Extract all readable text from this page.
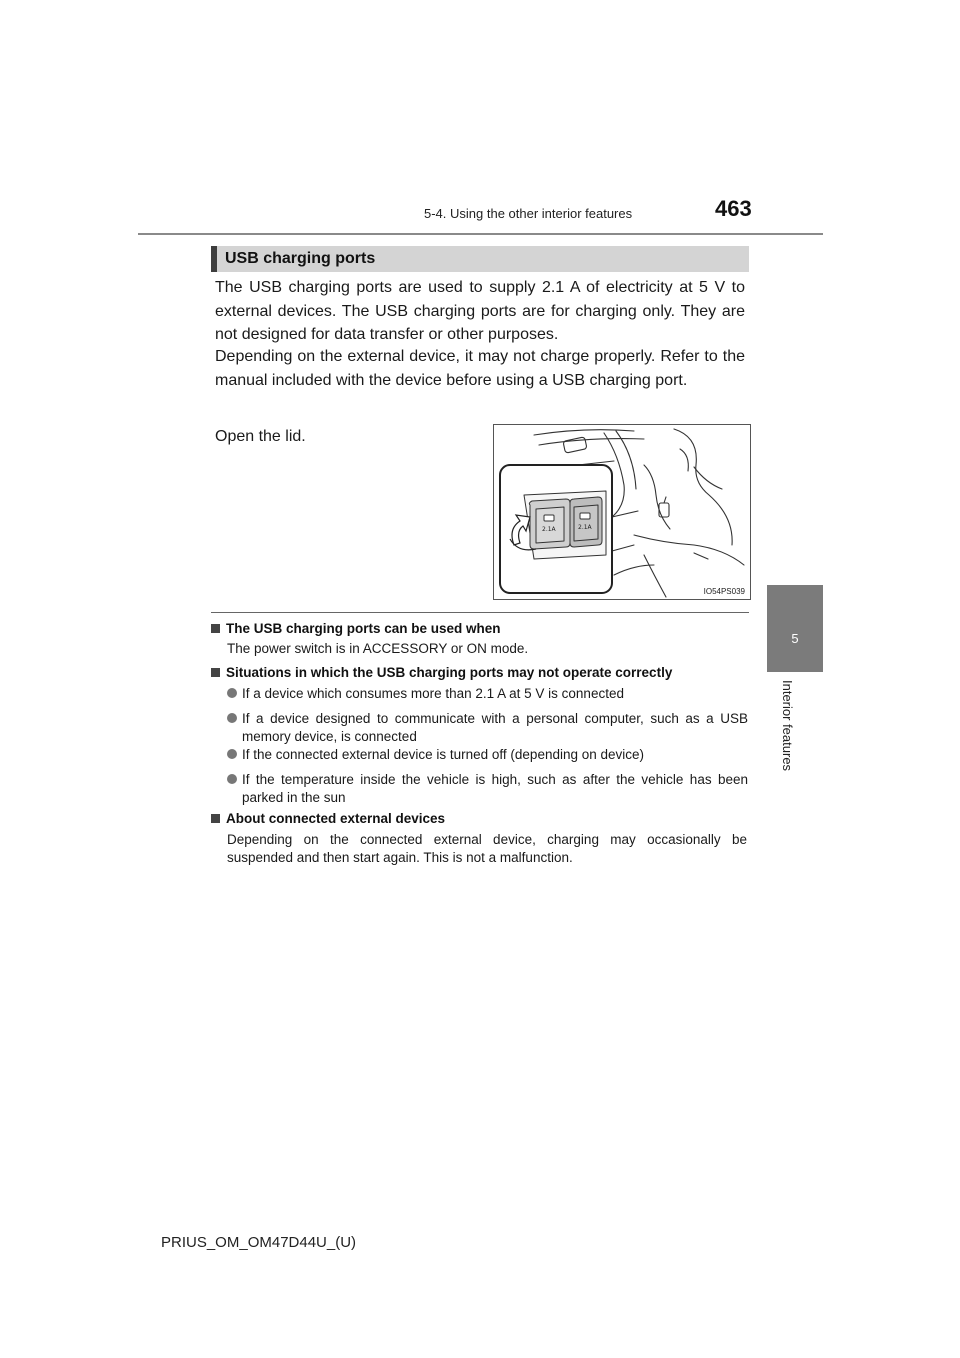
5-4. Using the other interior features	463
5
Interior features
USB charging ports
The USB charging ports are used to supply 2.1 A of electricity at 5 V to external devices. The USB charging ports are for charging only. They are not designed for data transfer or other purposes.
Depending on the external device, it may not charge properly. Refer to the manual included with the device before using a USB charging port.
Open the lid.
2.1A	2.1A
IO54PS039
The USB charging ports can be used when
The power switch is in ACCESSORY or ON mode.
Situations in which the USB charging ports may not operate correctly
If a device which consumes more than 2.1 A at 5 V is connected
If a device designed to communicate with a personal computer, such as a USB memory device, is connected
If the connected external device is turned off (depending on device)
If the temperature inside the vehicle is high, such as after the vehicle has been parked in the sun
About connected external devices
Depending on the connected external device, charging may occasionally be suspended and then start again. This is not a malfunction.
PRIUS_OM_OM47D44U_(U)
